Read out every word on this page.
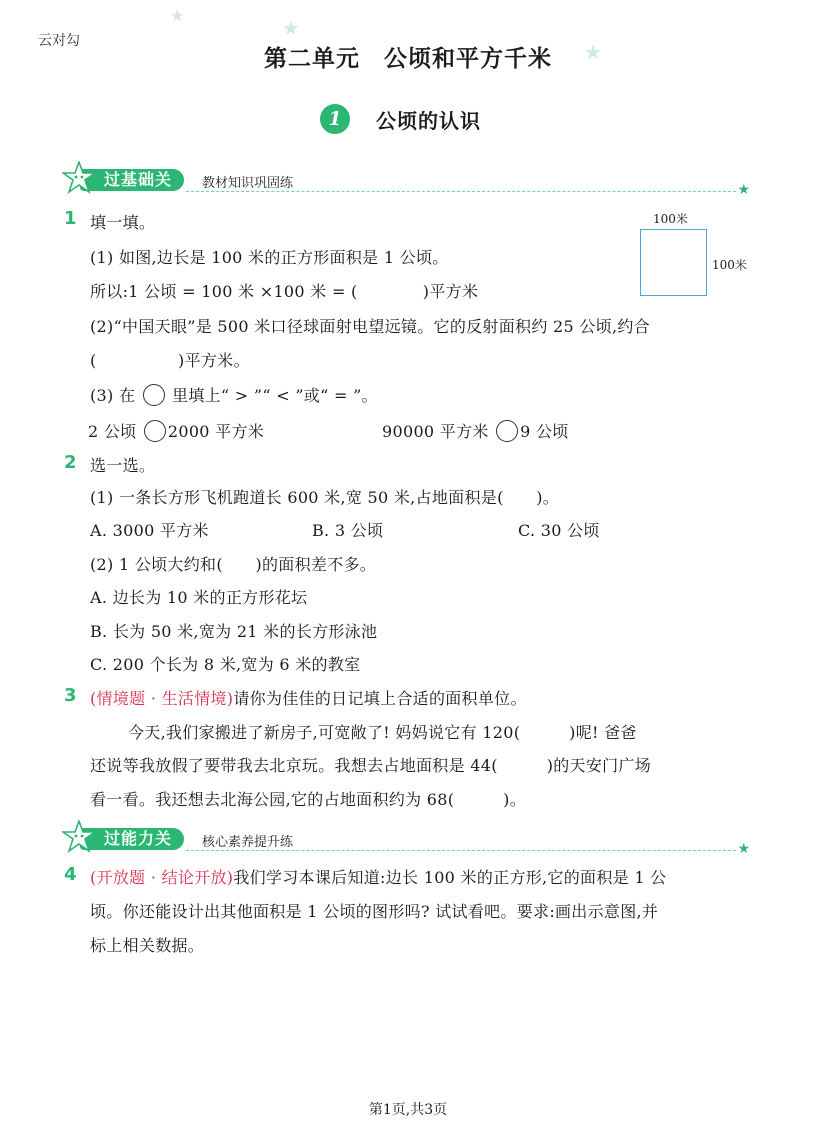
云对勾
★
★
★
第二单元　公顷和平方千米
1	公顷的认识
过基础关 教材知识巩固练	★
1 填一填。
(1) 如图,边长是 100 米的正方形面积是 1 公顷。
所以:1 公顷 = 100 米 ×100 米 = (　　　　)平方米
100米
100米
(2)“中国天眼”是 500 米口径球面射电望远镜。它的反射面积约 25 公顷,约合
(　　　　　)平方米。
(3) 在 里填上“ > ”“ < ”或“ = ”。
2 公顷 2000 平方米	90000 平方米 9 公顷
2 选一选。
(1) 一条长方形飞机跑道长 600 米,宽 50 米,占地面积是(　　)。
A. 3000 平方米	B. 3 公顷	C. 30 公顷
(2) 1 公顷大约和(　　)的面积差不多。
A. 边长为 10 米的正方形花坛
B. 长为 50 米,宽为 21 米的长方形泳池
C. 200 个长为 8 米,宽为 6 米的教室
3 (情境题 · 生活情境)请你为佳佳的日记填上合适的面积单位。
今天,我们家搬进了新房子,可宽敞了! 妈妈说它有 120(　　　)呢! 爸爸
还说等我放假了要带我去北京玩。我想去占地面积是 44(　　　)的天安门广场
看一看。我还想去北海公园,它的占地面积约为 68(　　　)。
过能力关 核心素养提升练	★
4 (开放题 · 结论开放)我们学习本课后知道:边长 100 米的正方形,它的面积是 1 公
顷。你还能设计出其他面积是 1 公顷的图形吗? 试试看吧。要求:画出示意图,并
标上相关数据。
第1页,共3页
